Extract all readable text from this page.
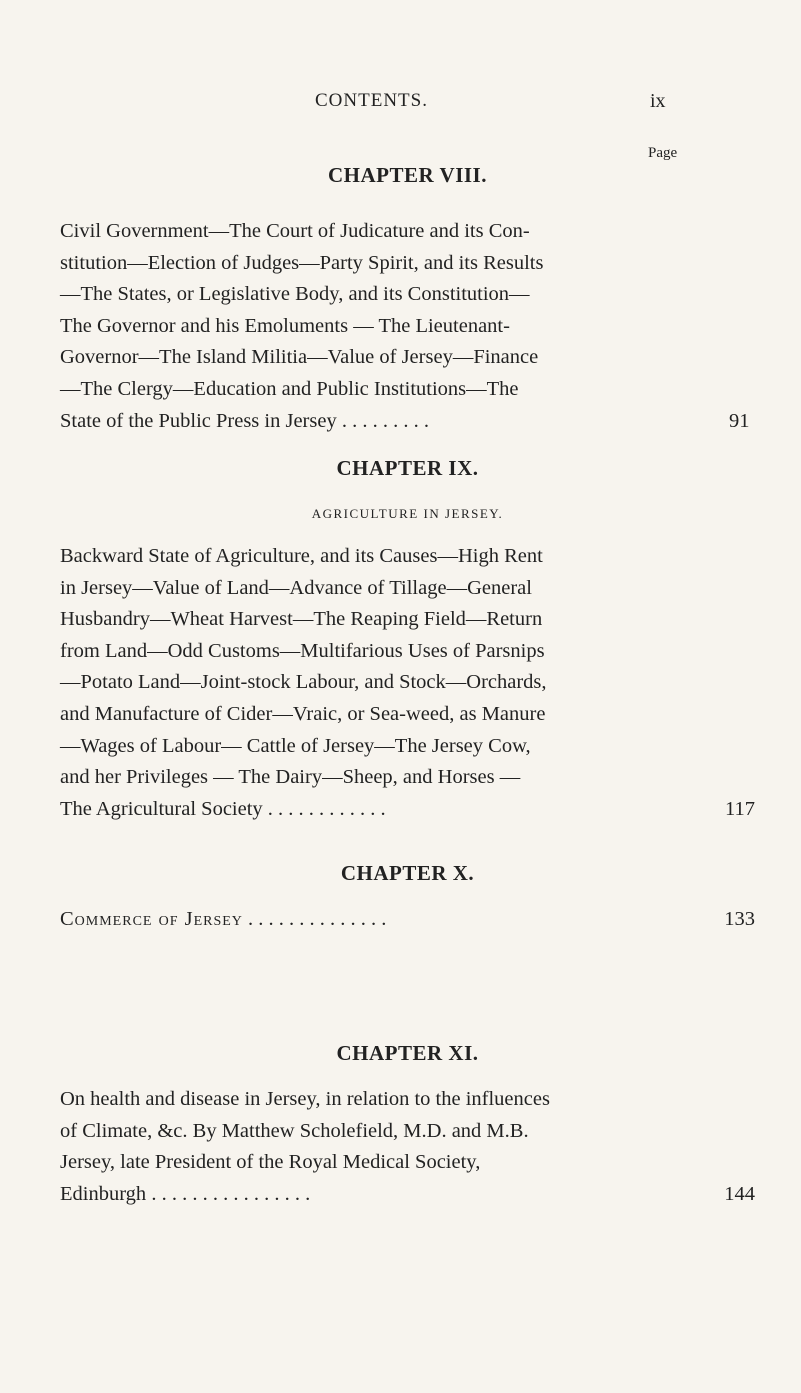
CONTENTS.	ix
Page
CHAPTER VIII.
Civil Government—The Court of Judicature and its Con-
stitution—Election of Judges—Party Spirit, and its Results
—The States, or Legislative Body, and its Constitution—
The Governor and his Emoluments — The Lieutenant-
Governor—The Island Militia—Value of Jersey—Finance
—The Clergy—Education and Public Institutions—The
State of the Public Press in Jersey . . . . . . . . .	91
CHAPTER IX.
AGRICULTURE IN JERSEY.
Backward State of Agriculture, and its Causes—High Rent
in Jersey—Value of Land—Advance of Tillage—General
Husbandry—Wheat Harvest—The Reaping Field—Return
from Land—Odd Customs—Multifarious Uses of Parsnips
—Potato Land—Joint-stock Labour, and Stock—Orchards,
and Manufacture of Cider—Vraic, or Sea-weed, as Manure
—Wages of Labour— Cattle of Jersey—The Jersey Cow,
and her Privileges — The Dairy—Sheep, and Horses —
The Agricultural Society . . . . . . . . . . . .	117
CHAPTER X.
Commerce of Jersey . . . . . . . . . . . . . .	133
CHAPTER XI.
On health and disease in Jersey, in relation to the influences
of Climate, &c. By Matthew Scholefield, M.D. and M.B.
Jersey, late President of the Royal Medical Society,
Edinburgh . . . . . . . . . . . . . . . .	144
